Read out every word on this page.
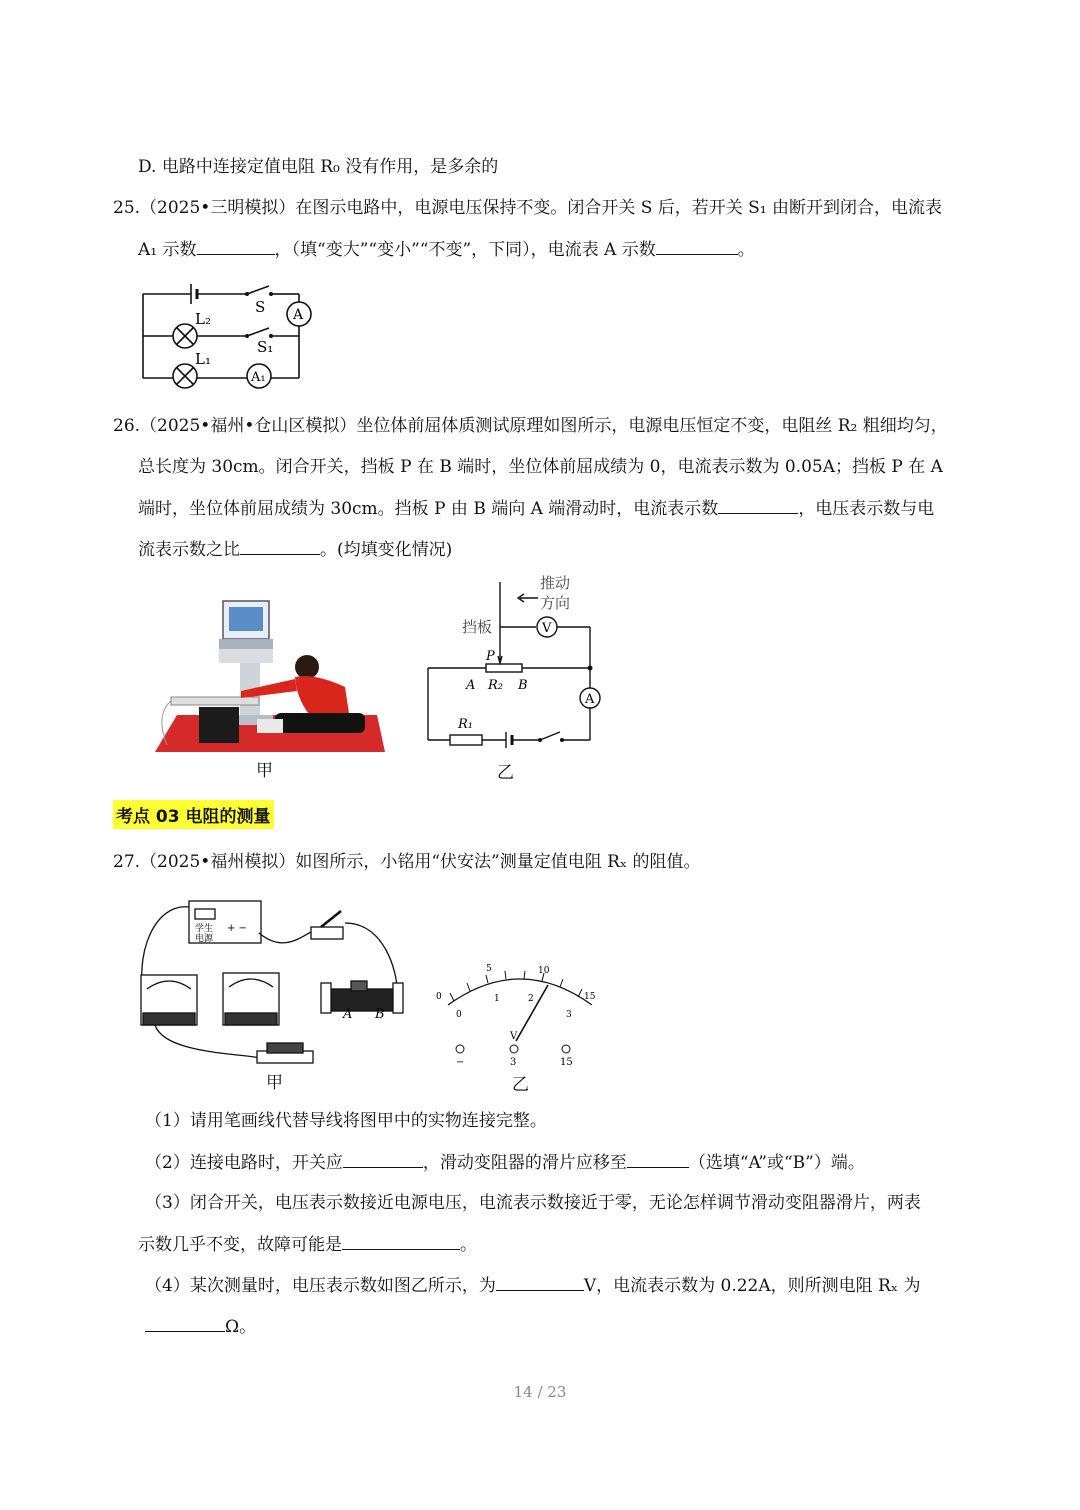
D. 电路中连接定值电阻 R₀ 没有作用，是多余的
25.（2025•三明模拟）在图示电路中，电源电压保持不变。闭合开关 S 后，若开关 S₁ 由断开到闭合，电流表
A₁ 示数	，（填“变大”“变小”“不变”，下同），电流表 A 示数	。
S
S₁
L₂
L₁
A
A₁
26.（2025•福州•仓山区模拟）坐位体前屈体质测试原理如图所示，电源电压恒定不变，电阻丝 R₂ 粗细均匀，
总长度为 30cm。闭合开关，挡板 P 在 B 端时，坐位体前屈成绩为 0，电流表示数为 0.05A；挡板 P 在 A
端时，坐位体前屈成绩为 30cm。挡板 P 由 B 端向 A 端滑动时，电流表示数	，电压表示数与电
流表示数之比	。(均填变化情况)
甲
推动
方向
挡板
P
A R₂ B
R₁
V
A
乙
考点 03 电阻的测量
27.（2025•福州模拟）如图所示，小铭用“伏安法”测量定值电阻 Rₓ 的阻值。
学生
电源
+ −
A B
甲
0
5	10
15
0
1	2
3
V
−	3	15
乙
（1）请用笔画线代替导线将图甲中的实物连接完整。
（2）连接电路时，开关应	，滑动变阻器的滑片应移至	（选填“A”或“B”）端。
（3）闭合开关，电压表示数接近电源电压，电流表示数接近于零，无论怎样调节滑动变阻器滑片，两表
示数几乎不变，故障可能是	。
（4）某次测量时，电压表示数如图乙所示，为	V，电流表示数为 0.22A，则所测电阻 Rₓ 为
Ω。
14 / 23
